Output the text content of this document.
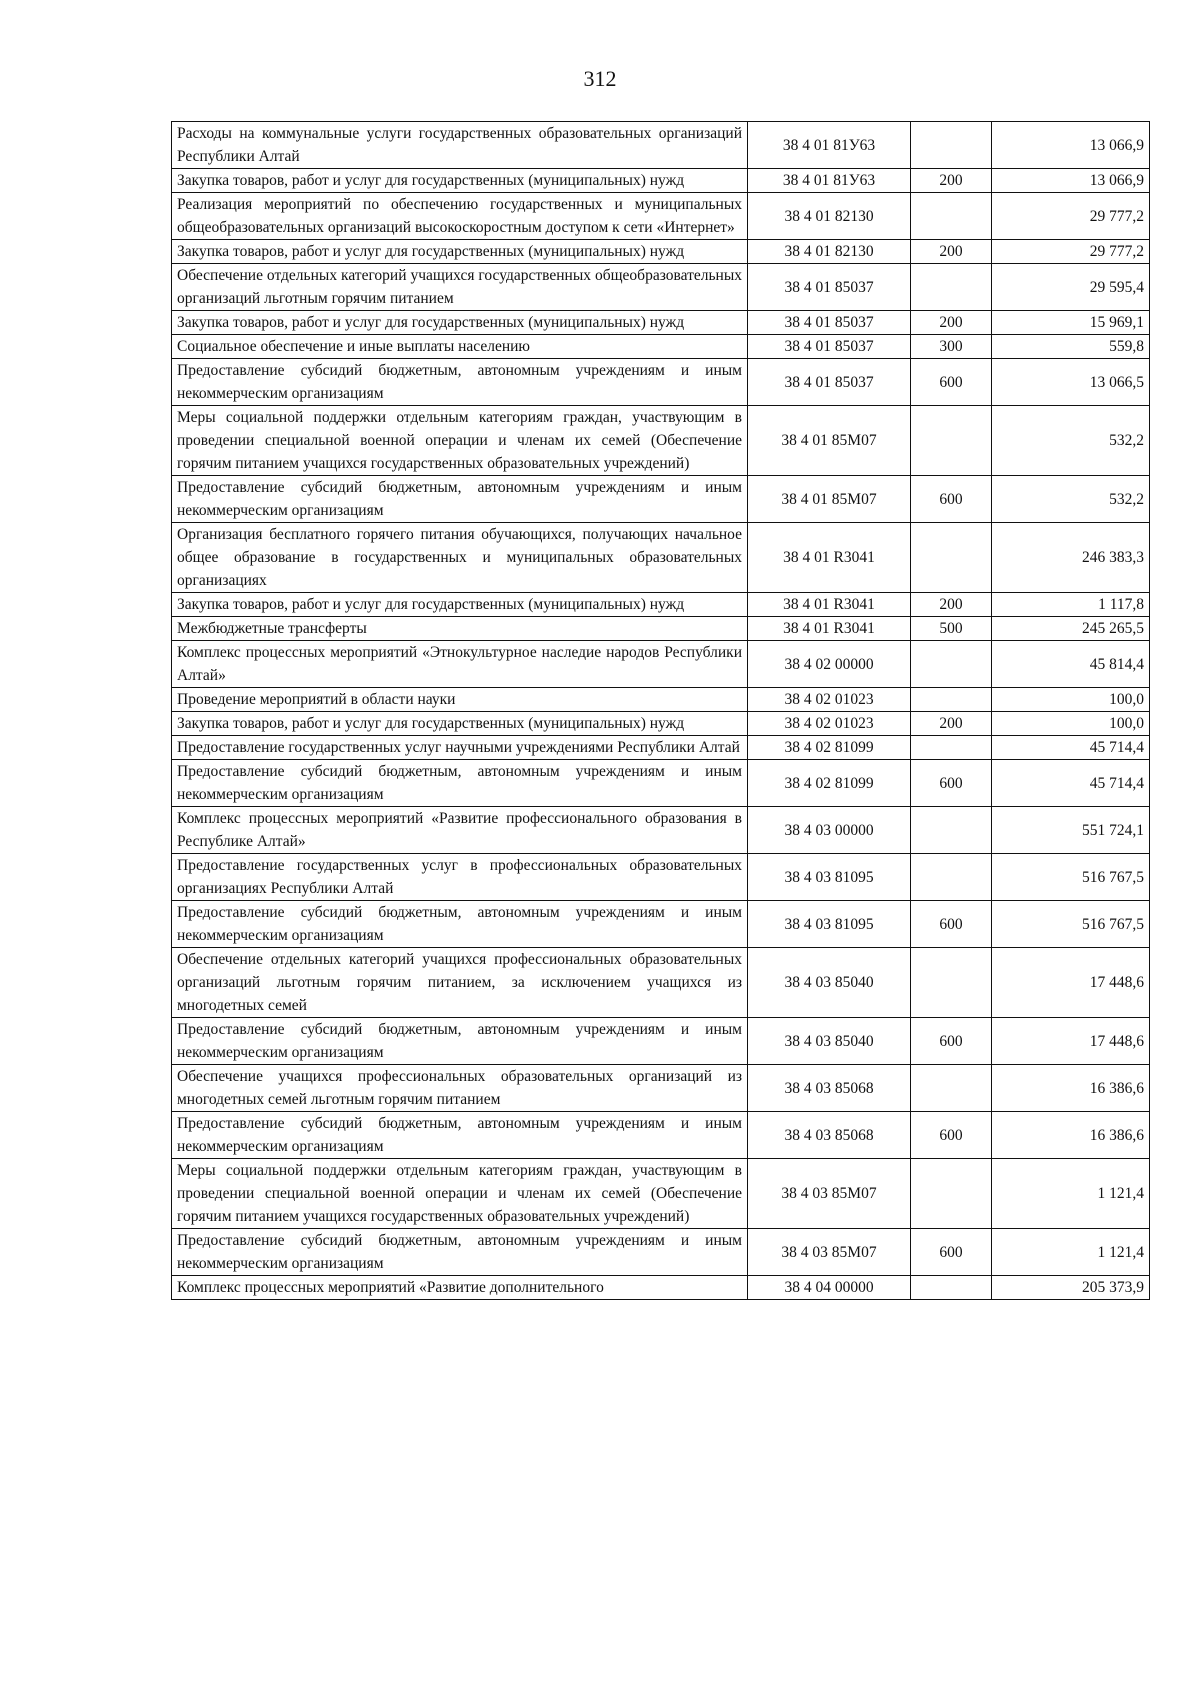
312
Расходы на коммунальные услуги государственных образовательных организаций Республики Алтай	38 4 01 81У63		13 066,9
Закупка товаров, работ и услуг для государственных (муниципальных) нужд	38 4 01 81У63	200	13 066,9
Реализация мероприятий по обеспечению государственных и муниципальных общеобразовательных организаций высокоскоростным доступом к сети «Интернет»	38 4 01 82130		29 777,2
Закупка товаров, работ и услуг для государственных (муниципальных) нужд	38 4 01 82130	200	29 777,2
Обеспечение отдельных категорий учащихся государственных общеобразовательных организаций льготным горячим питанием	38 4 01 85037		29 595,4
Закупка товаров, работ и услуг для государственных (муниципальных) нужд	38 4 01 85037	200	15 969,1
Социальное обеспечение и иные выплаты населению	38 4 01 85037	300	559,8
Предоставление субсидий бюджетным, автономным учреждениям и иным некоммерческим организациям	38 4 01 85037	600	13 066,5
Меры социальной поддержки отдельным категориям граждан, участвующим в проведении специальной военной операции и членам их семей (Обеспечение горячим питанием учащихся государственных образовательных учреждений)	38 4 01 85М07		532,2
Предоставление субсидий бюджетным, автономным учреждениям и иным некоммерческим организациям	38 4 01 85М07	600	532,2
Организация бесплатного горячего питания обучающихся, получающих начальное общее образование в государственных и муниципальных образовательных организациях	38 4 01 R3041		246 383,3
Закупка товаров, работ и услуг для государственных (муниципальных) нужд	38 4 01 R3041	200	1 117,8
Межбюджетные трансферты	38 4 01 R3041	500	245 265,5
Комплекс процессных мероприятий «Этнокультурное наследие народов Республики Алтай»	38 4 02 00000		45 814,4
Проведение мероприятий в области науки	38 4 02 01023		100,0
Закупка товаров, работ и услуг для государственных (муниципальных) нужд	38 4 02 01023	200	100,0
Предоставление государственных услуг научными учреждениями Республики Алтай	38 4 02 81099		45 714,4
Предоставление субсидий бюджетным, автономным учреждениям и иным некоммерческим организациям	38 4 02 81099	600	45 714,4
Комплекс процессных мероприятий «Развитие профессионального образования в Республике Алтай»	38 4 03 00000		551 724,1
Предоставление государственных услуг в профессиональных образовательных организациях Республики Алтай	38 4 03 81095		516 767,5
Предоставление субсидий бюджетным, автономным учреждениям и иным некоммерческим организациям	38 4 03 81095	600	516 767,5
Обеспечение отдельных категорий учащихся профессиональных образовательных организаций льготным горячим питанием, за исключением учащихся из многодетных семей	38 4 03 85040		17 448,6
Предоставление субсидий бюджетным, автономным учреждениям и иным некоммерческим организациям	38 4 03 85040	600	17 448,6
Обеспечение учащихся профессиональных образовательных организаций из многодетных семей льготным горячим питанием	38 4 03 85068		16 386,6
Предоставление субсидий бюджетным, автономным учреждениям и иным некоммерческим организациям	38 4 03 85068	600	16 386,6
Меры социальной поддержки отдельным категориям граждан, участвующим в проведении специальной военной операции и членам их семей (Обеспечение горячим питанием учащихся государственных образовательных учреждений)	38 4 03 85М07		1 121,4
Предоставление субсидий бюджетным, автономным учреждениям и иным некоммерческим организациям	38 4 03 85М07	600	1 121,4
Комплекс процессных мероприятий «Развитие дополнительного	38 4 04 00000		205 373,9
